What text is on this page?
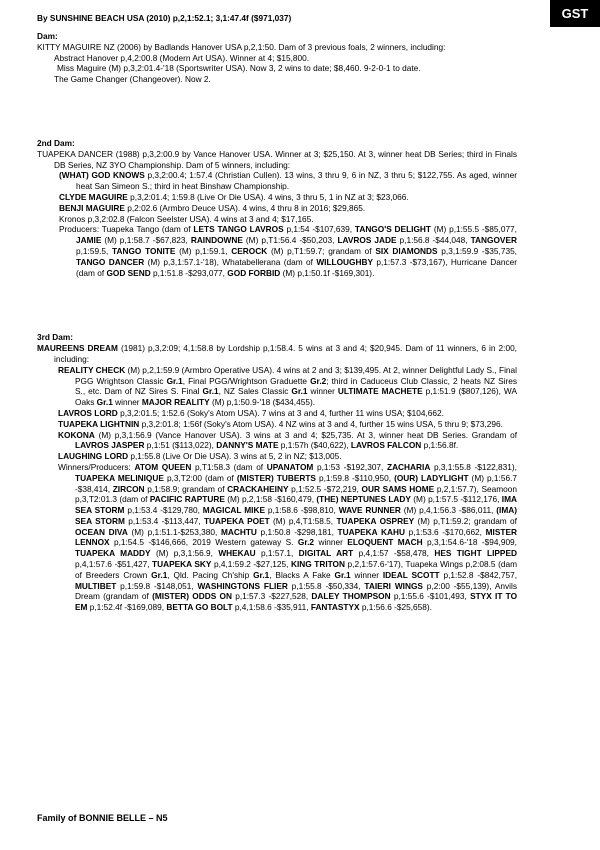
GST
By SUNSHINE BEACH USA (2010) p,2,1:52.1; 3,1:47.4f ($971,037)

Dam:

KITTY MAGUIRE NZ (2006) by Badlands Hanover USA p,2,1:50. Dam of 3 previous foals, 2 winners, including:

Abstract Hanover p,4,2:00.8 (Modern Art USA). Winner at 4; $15,800.

Miss Maguire (M) p,3,2:01.4-'18 (Sportswriter USA). Now 3, 2 wins to date; $8,460. 9-2-0-1 to date.

The Game Changer (Changeover). Now 2.

2nd Dam:

TUAPEKA DANCER (1988) p,3,2:00.9 by Vance Hanover USA. Winner at 3; $25,150. At 3, winner heat DB Series; third in Finals DB Series, NZ 3YO Championship. Dam of 5 winners, including:

(WHAT) GOD KNOWS p,3,2:00.4; 1:57.4 (Christian Cullen). 13 wins, 3 thru 9, 6 in NZ, 3 thru 5; $122,755. As aged, winner heat San Simeon S.; third in heat Binshaw Championship.

CLYDE MAGUIRE p,3,2:01.4; 1:59.8 (Live Or Die USA). 4 wins, 3 thru 5, 1 in NZ at 3; $23,066.

BENJI MAGUIRE p,2:02.6 (Armbro Deuce USA). 4 wins, 4 thru 8 in 2016; $29,865.

Kronos p,3,2:02.8 (Falcon Seelster USA). 4 wins at 3 and 4; $17,165.

Producers: Tuapeka Tango (dam of LETS TANGO LAVROS p,1:54 -$107,639, TANGO'S DELIGHT (M) p,1:55.5 -$85,077, JAMIE (M) p,1:58.7 -$67,823, RAINDOWNE (M) p,T1:56.4 -$50,203, LAVROS JADE p,1:56.8 -$44,048, TANGOVER p,1:59.5, TANGO TONITE (M) p,1:59.1, CEROCK (M) p,T1:59.7; grandam of SIX DIAMONDS p,3,1:59.9 -$35,735, TANGO DANCER (M) p,3,1:57.1-'18), Whatabellerana (dam of WILLOUGHBY p,1:57.3 -$73,167), Hurricane Dancer (dam of GOD SEND p,1:51.8 -$293,077, GOD FORBID (M) p,1:50.1f -$169,301).

3rd Dam:

MAUREENS DREAM (1981) p,3,2:09; 4,1:58.8 by Lordship p,1:58.4. 5 wins at 3 and 4; $20,945. Dam of 11 winners, 6 in 2:00, including:

REALITY CHECK (M) p,2,1:59.9 (Armbro Operative USA). 4 wins at 2 and 3; $139,495. At 2, winner Delightful Lady S., Final PGG Wrightson Classic Gr.1, Final PGG/Wrightson Graduette Gr.2; third in Caduceus Club Classic, 2 heats NZ Sires S., etc. Dam of NZ Sires S. Final Gr.1, NZ Sales Classic Gr.1 winner ULTIMATE MACHETE p,1:51.9 ($807,126), WA Oaks Gr.1 winner MAJOR REALITY (M) p,1:50.9-'18 ($434,455).

LAVROS LORD p,3,2:01.5; 1:52.6 (Soky's Atom USA). 7 wins at 3 and 4, further 11 wins USA; $104,662.

TUAPEKA LIGHTNIN p,3,2:01.8; 1:56f (Soky's Atom USA). 4 NZ wins at 3 and 4, further 15 wins USA, 5 thru 9; $73,296.

KOKONA (M) p,3,1:56.9 (Vance Hanover USA). 3 wins at 3 and 4; $25,735. At 3, winner heat DB Series. Grandam of LAVROS JASPER p,1:51 ($113,022), DANNY'S MATE p,1:57h ($40,622), LAVROS FALCON p,1:56.8f.

LAUGHING LORD p,1:55.8 (Live Or Die USA). 3 wins at 5, 2 in NZ; $13,005.

Winners/Producers: ATOM QUEEN p,T1:58.3 (dam of UPANATOM p,1:53 -$192,307, ZACHARIA p,3,1:55.8 -$122,831), TUAPEKA MELINIQUE p,3,T2:00 (dam of (MISTER) TUBERTS p,1:59.8 -$110,950, (OUR) LADYLIGHT (M) p,1:56.7 -$38,414, ZIRCON p,1:58.9; grandam of CRACKAHEINY p,1:52.5 -$72,219, OUR SAMS HOME p,2,1:57.7), Seamoon p,3,T2:01.3 (dam of PACIFIC RAPTURE (M) p,2,1:58 -$160,479, (THE) NEPTUNES LADY (M) p,1:57.5 -$112,176, IMA SEA STORM p,1:53.4 -$129,780, MAGICAL MIKE p,1:58.6 -$98,810, WAVE RUNNER (M) p,4,1:56.3 -$86,011, (IMA) SEA STORM p,1:53.4 -$113,447, TUAPEKA POET (M) p,4,T1:58.5, TUAPEKA OSPREY (M) p,T1:59.2; grandam of OCEAN DIVA (M) p,1:51.1-$253,380, MACHTU p,1:50.8 -$298,181, TUAPEKA KAHU p,1:53.6 -$170,662, MISTER LENNOX p,1:54.5 -$146,666, 2019 Western gateway S. Gr.2 winner ELOQUENT MACH p,3,1:54.6-'18 -$94,909, TUAPEKA MADDY (M) p,3,1:56.9, WHEKAU p,1:57.1, DIGITAL ART p,4,1:57 -$58,478, HES TIGHT LIPPED p,4,1:57.6 -$51,427, TUAPEKA SKY p,4,1:59.2 -$27,125, KING TRITON p,2,1:57.6-'17), Tuapeka Wings p,2:08.5 (dam of Breeders Crown Gr.1, Qld. Pacing Ch'ship Gr.1, Blacks A Fake Gr.1 winner IDEAL SCOTT p,1:52.8 -$842,757, MULTIBET p,1:59.8 -$148,051, WASHINGTONS FLIER p,1:55.8 -$50,334, TAIERI WINGS p,2:00 -$55,139), Anvils Dream (grandam of (MISTER) ODDS ON p,1:57.3 -$227,528, DALEY THOMPSON p,1:55.6 -$101,493, STYX IT TO EM p,1:52.4f -$169,089, BETTA GO BOLT p,4,1:58.6 -$35,911, FANTASTYX p,1:56.6 -$25,658).

Family of BONNIE BELLE – N5
